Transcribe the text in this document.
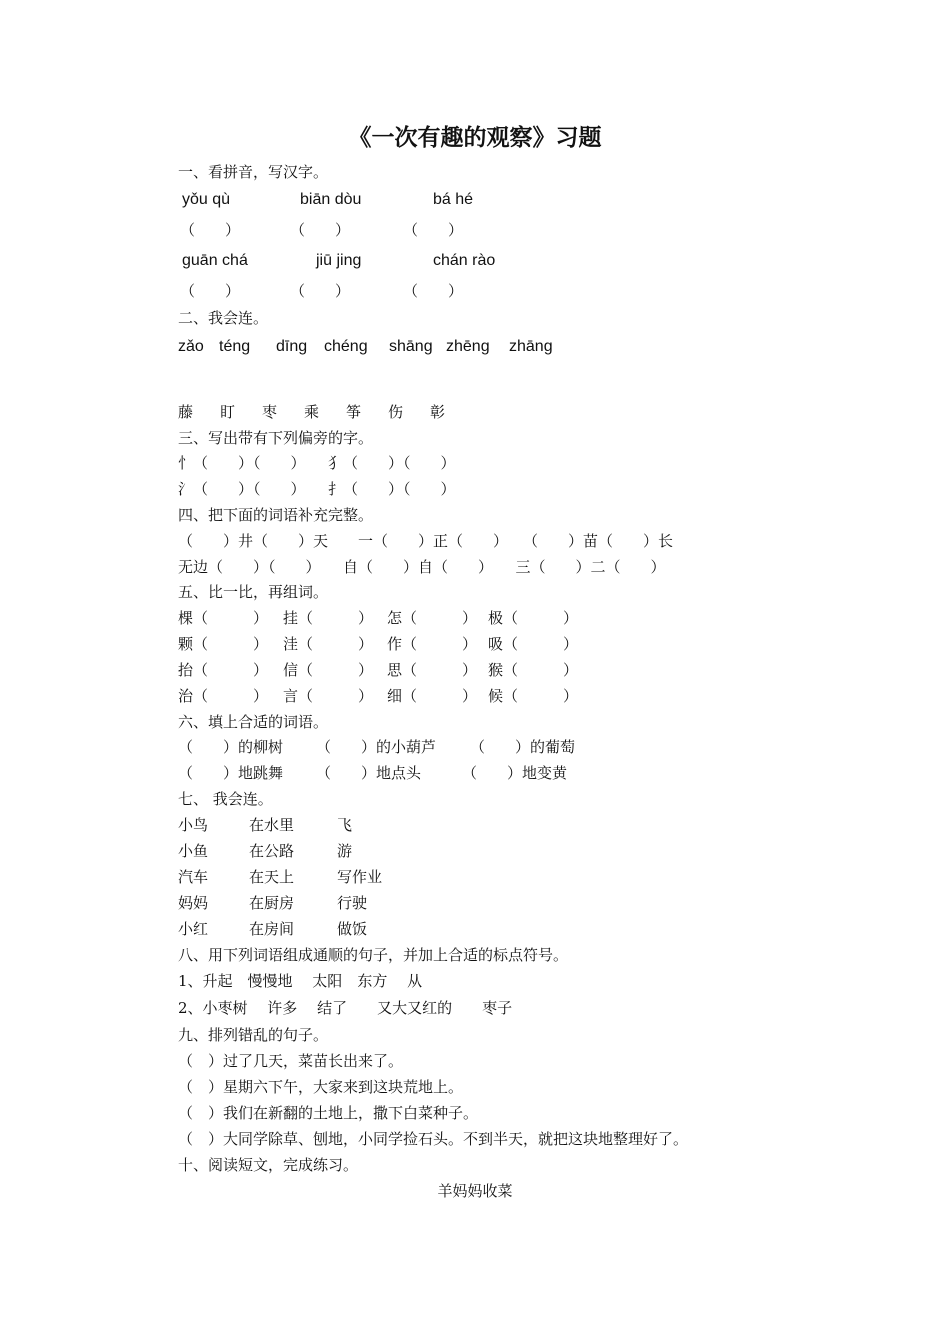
《一次有趣的观察》习题
一、看拼音，写汉字。
yǒu qù	biān dòu	bá hé
（　　）	（　　）	（　　）
guān chá	jiū jing	chán rào
（　　）	（　　）	（　　）
二、我会连。
zǎo téng dīng chéng shāng zhēng zhāng
藤 盯 枣 乘 筝 伤 彰
三、写出带有下列偏旁的字。
忄（　　）（　　）　　犭（　　）（　　）
氵（　　）（　　）　　扌（　　）（　　）
四、把下面的词语补充完整。
（　　）井（　　）天　　一（　　）正（　　）　　（　　）苗（　　）长
无边（　　）（　　）　　自（　　）自（　　）　　三（　　）二（　　）
五、比一比，再组词。
棵（　　　） 挂（　　　） 怎（　　　） 极（　　　）
颗（　　　） 洼（　　　） 作（　　　） 吸（　　　）
抬（　　　） 信（　　　） 思（　　　） 猴（　　　）
治（　　　） 言（　　　） 细（　　　） 候（　　　）
六、填上合适的词语。
（　　）的柳树 （　　）的小葫芦 （　　）的葡萄
（　　）地跳舞 （　　）地点头	（　　）地变黄
七、 我会连。
小鸟	在水里	飞
小鱼	在公路	游
汽车	在天上	写作业
妈妈	在厨房	行驶
小红	在房间	做饭
八、用下列词语组成通顺的句子，并加上合适的标点符号。
1、升起　慢慢地　 太阳　东方　 从
2、小枣树　 许多　 结了　　又大又红的　　枣子
九、排列错乱的句子。
（　）过了几天，菜苗长出来了。
（　）星期六下午，大家来到这块荒地上。
（　）我们在新翻的土地上，撒下白菜种子。
（　）大同学除草、刨地，小同学捡石头。不到半天，就把这块地整理好了。
十、阅读短文，完成练习。
羊妈妈收菜
